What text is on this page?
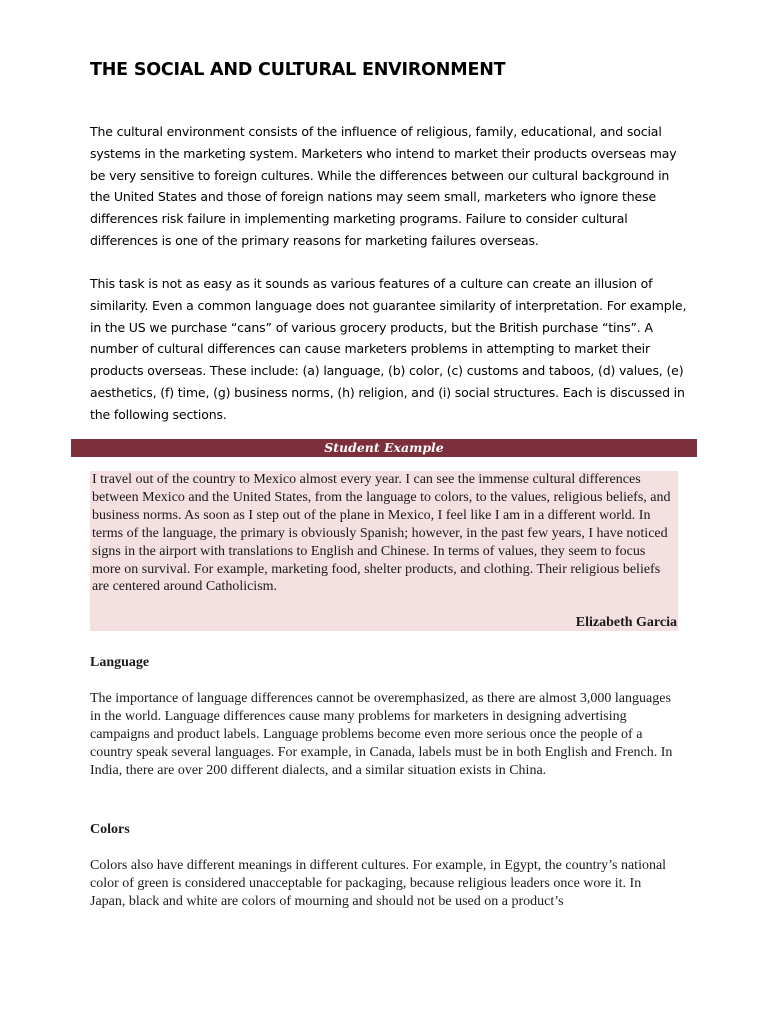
THE SOCIAL AND CULTURAL ENVIRONMENT

The cultural environment consists of the influence of religious, family, educational, and social systems in the marketing system. Marketers who intend to market their products overseas may be very sensitive to foreign cultures. While the differences between our cultural background in the United States and those of foreign nations may seem small, marketers who ignore these differences risk failure in implementing marketing programs. Failure to consider cultural differences is one of the primary reasons for marketing failures overseas.

This task is not as easy as it sounds as various features of a culture can create an illusion of similarity. Even a common language does not guarantee similarity of interpretation. For example, in the US we purchase “cans” of various grocery products, but the British purchase “tins”. A number of cultural differences can cause marketers problems in attempting to market their products overseas. These include: (a) language, (b) color, (c) customs and taboos, (d) values, (e) aesthetics, (f) time, (g) business norms, (h) religion, and (i) social structures. Each is discussed in the following sections.

Student Example

I travel out of the country to Mexico almost every year. I can see the immense cultural differences between Mexico and the United States, from the language to colors, to the values, religious beliefs, and business norms. As soon as I step out of the plane in Mexico, I feel like I am in a different world. In terms of the language, the primary is obviously Spanish; however, in the past few years, I have noticed signs in the airport with translations to English and Chinese. In terms of values, they seem to focus more on survival. For example, marketing food, shelter products, and clothing. Their religious beliefs are centered around Catholicism.

Elizabeth Garcia

Language

The importance of language differences cannot be overemphasized, as there are almost 3,000 languages in the world. Language differences cause many problems for marketers in designing advertising campaigns and product labels. Language problems become even more serious once the people of a country speak several languages. For example, in Canada, labels must be in both English and French. In India, there are over 200 different dialects, and a similar situation exists in China.

Colors

Colors also have different meanings in different cultures. For example, in Egypt, the country’s national color of green is considered unacceptable for packaging, because religious leaders once wore it. In Japan, black and white are colors of mourning and should not be used on a product’s
